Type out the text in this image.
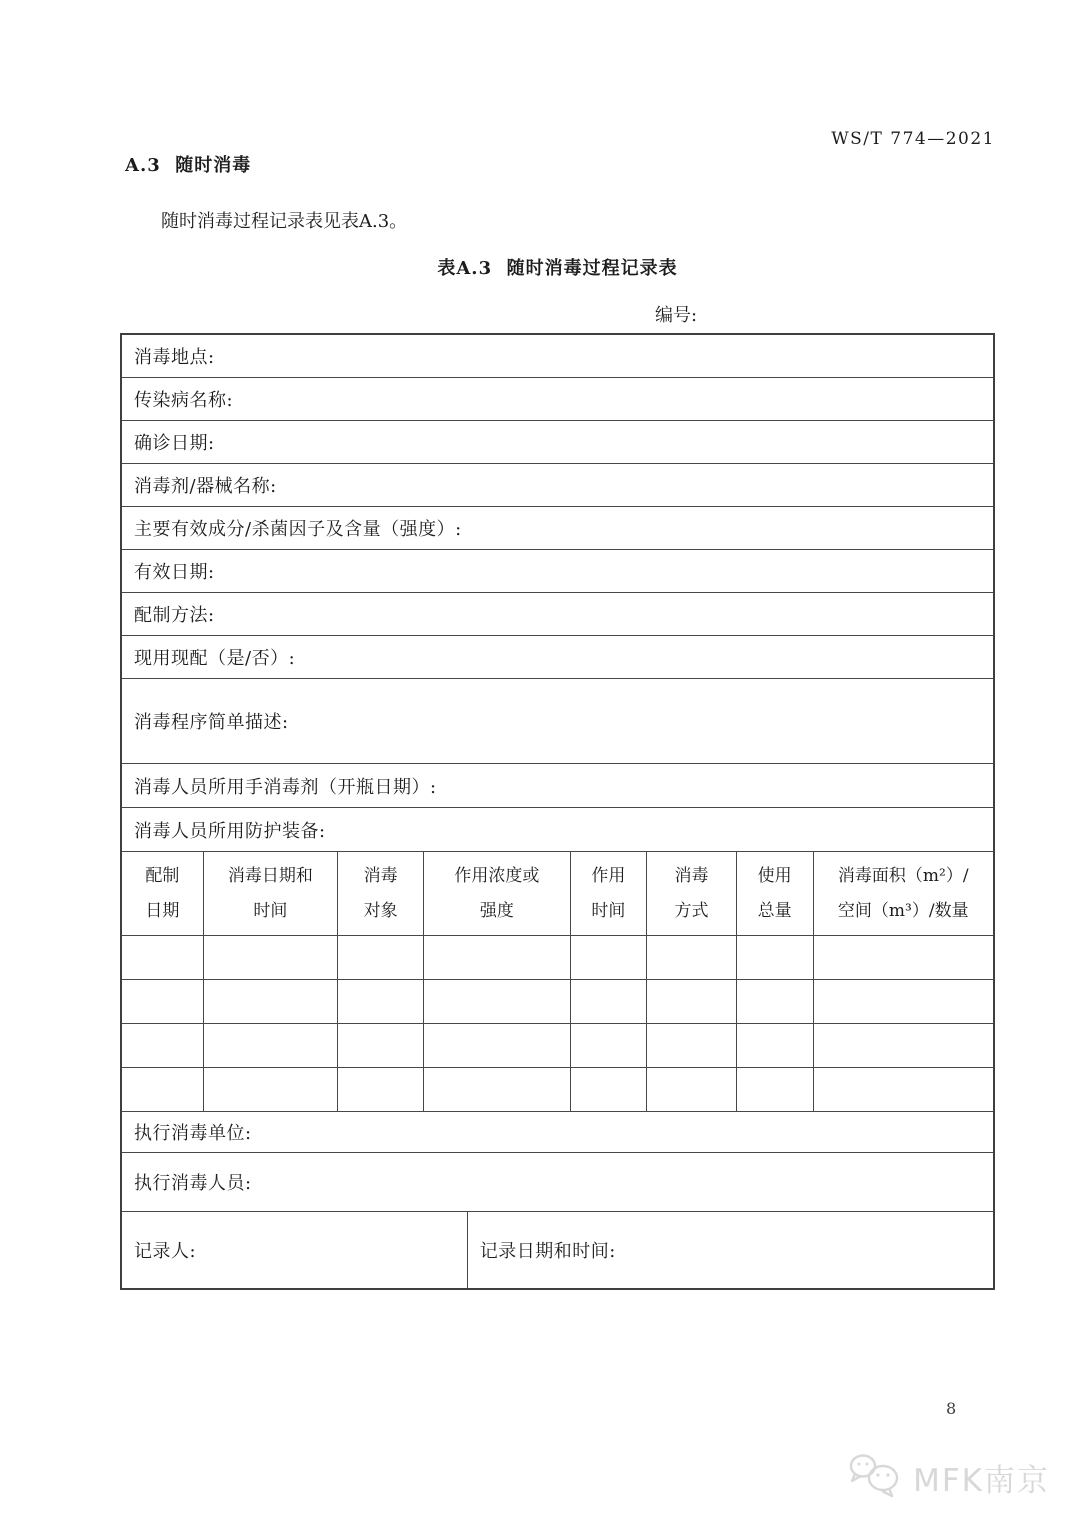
WS/T 774—2021
A.3  随时消毒
随时消毒过程记录表见表A.3。
表A.3  随时消毒过程记录表
编号:
消毒地点:
传染病名称:
确诊日期:
消毒剂/器械名称:
主要有效成分/杀菌因子及含量（强度）:
有效日期:
配制方法:
现用现配（是/否）:
消毒程序简单描述:
消毒人员所用手消毒剂（开瓶日期）:
消毒人员所用防护装备:
配制
日期
消毒日期和
时间
消毒
对象
作用浓度或
强度
作用
时间
消毒
方式
使用
总量
消毒面积（m²）/
空间（m³）/数量
执行消毒单位:
执行消毒人员:
记录人:	记录日期和时间:
8
MFK南京
